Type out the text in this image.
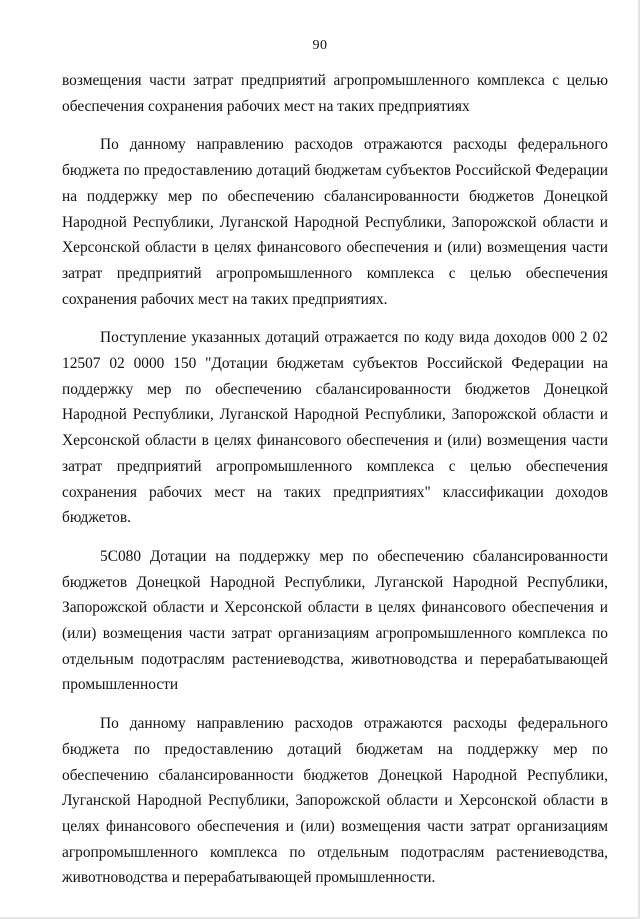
90

возмещения части затрат предприятий агропромышленного комплекса с целью обеспечения сохранения рабочих мест на таких предприятиях

По данному направлению расходов отражаются расходы федерального бюджета по предоставлению дотаций бюджетам субъектов Российской Федерации на поддержку мер по обеспечению сбалансированности бюджетов Донецкой Народной Республики, Луганской Народной Республики, Запорожской области и Херсонской области в целях финансового обеспечения и (или) возмещения части затрат предприятий агропромышленного комплекса с целью обеспечения сохранения рабочих мест на таких предприятиях.

Поступление указанных дотаций отражается по коду вида доходов 000 2 02 12507 02 0000 150 "Дотации бюджетам субъектов Российской Федерации на поддержку мер по обеспечению сбалансированности бюджетов Донецкой Народной Республики, Луганской Народной Республики, Запорожской области и Херсонской области в целях финансового обеспечения и (или) возмещения части затрат предприятий агропромышленного комплекса с целью обеспечения сохранения рабочих мест на таких предприятиях" классификации доходов бюджетов.

5С080 Дотации на поддержку мер по обеспечению сбалансированности бюджетов Донецкой Народной Республики, Луганской Народной Республики, Запорожской области и Херсонской области в целях финансового обеспечения и (или) возмещения части затрат организациям агропромышленного комплекса по отдельным подотраслям растениеводства, животноводства и перерабатывающей промышленности

По данному направлению расходов отражаются расходы федерального бюджета по предоставлению дотаций бюджетам на поддержку мер по обеспечению сбалансированности бюджетов Донецкой Народной Республики, Луганской Народной Республики, Запорожской области и Херсонской области в целях финансового обеспечения и (или) возмещения части затрат организациям агропромышленного комплекса по отдельным подотраслям растениеводства, животноводства и перерабатывающей промышленности.
